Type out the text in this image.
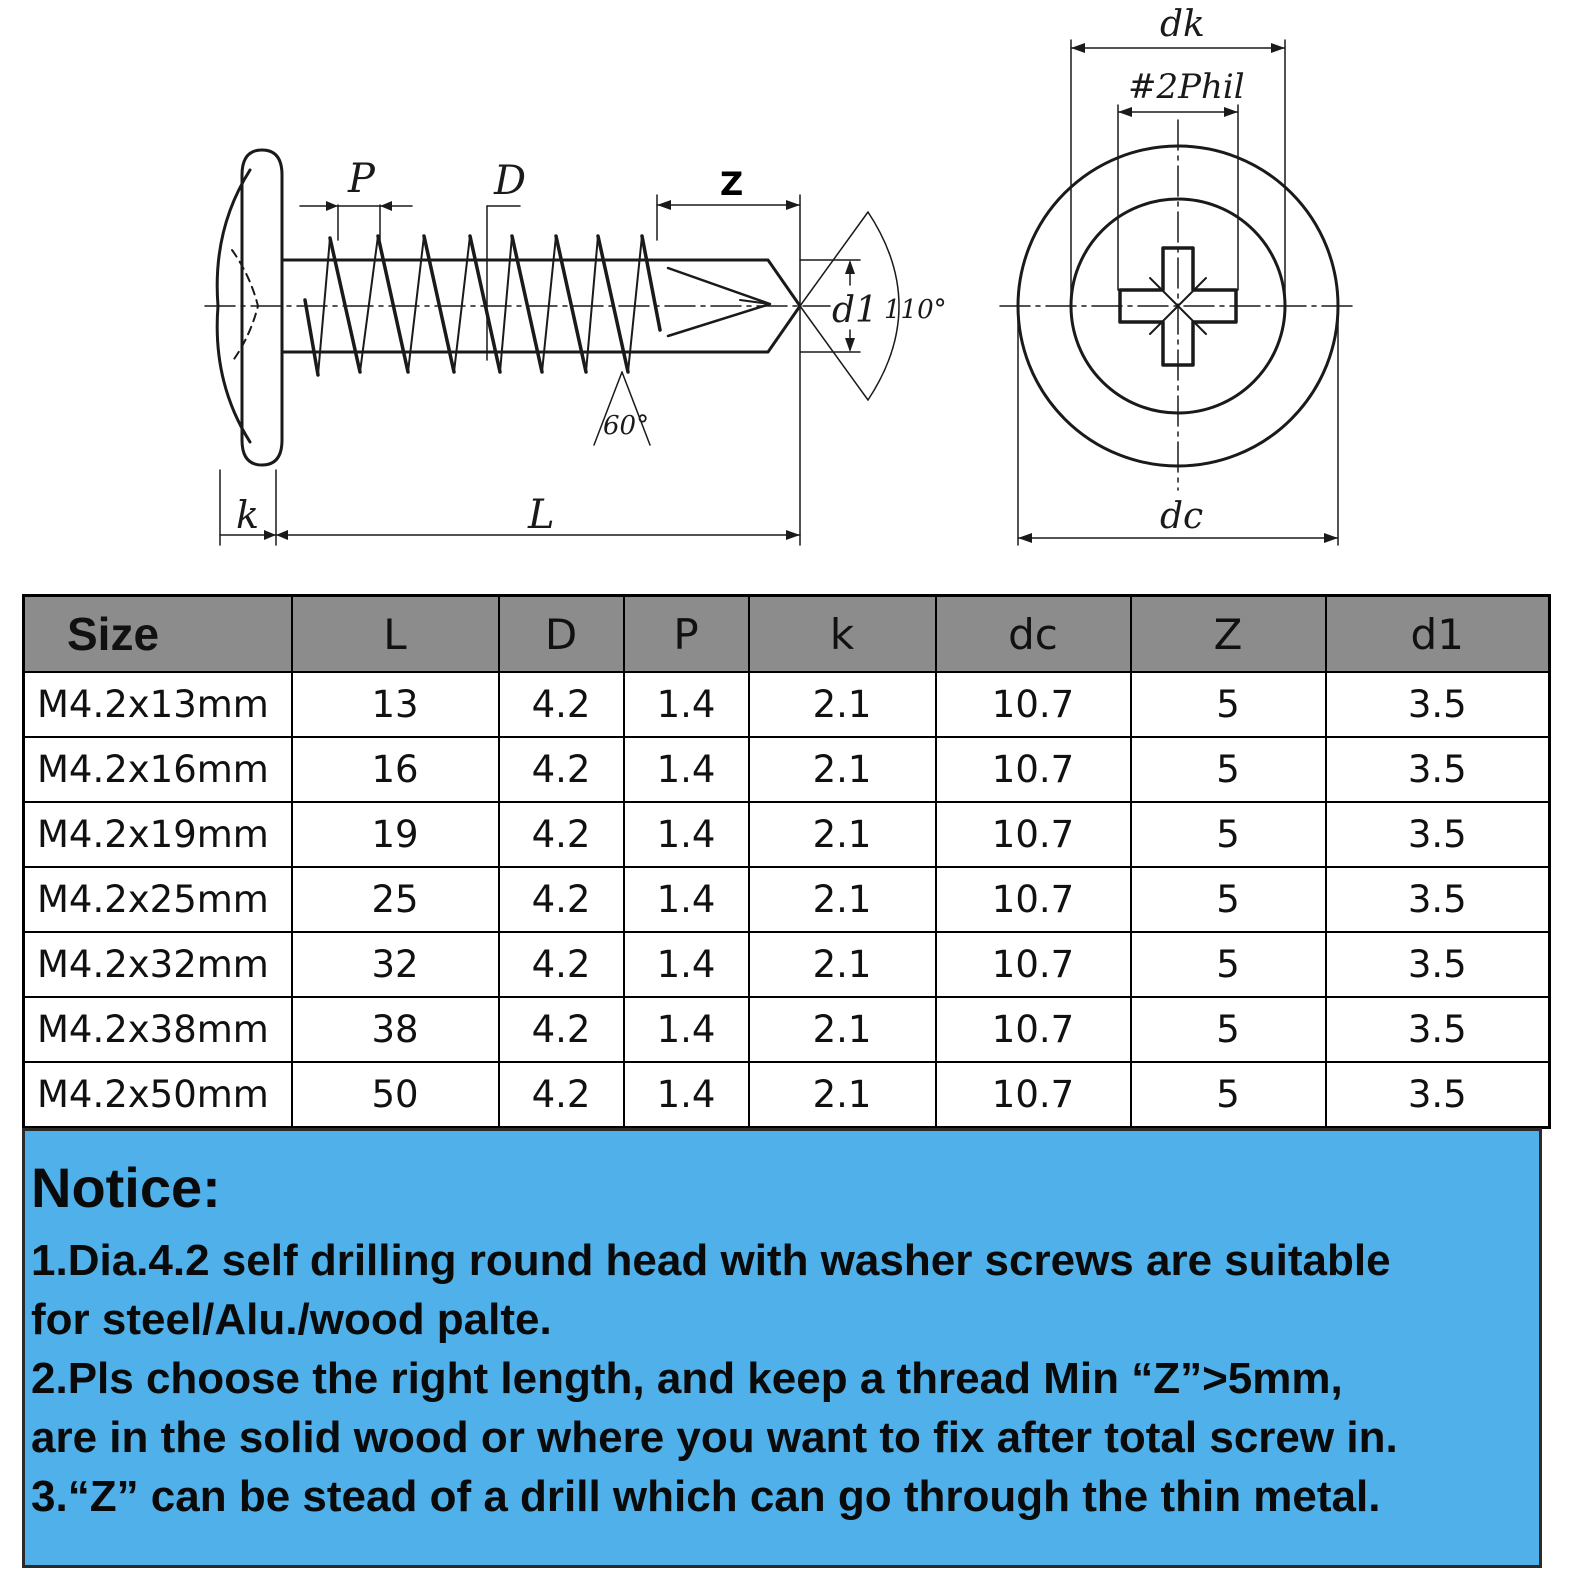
P	D	Z
d1 110°
60°
k	L
dk
#2Phil
dc
Size	L	D	P	k	dc	Z	d1
M4.2x13mm	13	4.2	1.4	2.1	10.7	5	3.5
M4.2x16mm	16	4.2	1.4	2.1	10.7	5	3.5
M4.2x19mm	19	4.2	1.4	2.1	10.7	5	3.5
M4.2x25mm	25	4.2	1.4	2.1	10.7	5	3.5
M4.2x32mm	32	4.2	1.4	2.1	10.7	5	3.5
M4.2x38mm	38	4.2	1.4	2.1	10.7	5	3.5
M4.2x50mm	50	4.2	1.4	2.1	10.7	5	3.5
Notice:
1.Dia.4.2 self drilling round head with washer screws are suitable
for steel/Alu./wood palte.
2.Pls choose the right length, and keep a thread Min “Z”>5mm,
are in the solid wood or where you want to fix after total screw in.
3.“Z” can be stead of a drill which can go through the thin metal.
